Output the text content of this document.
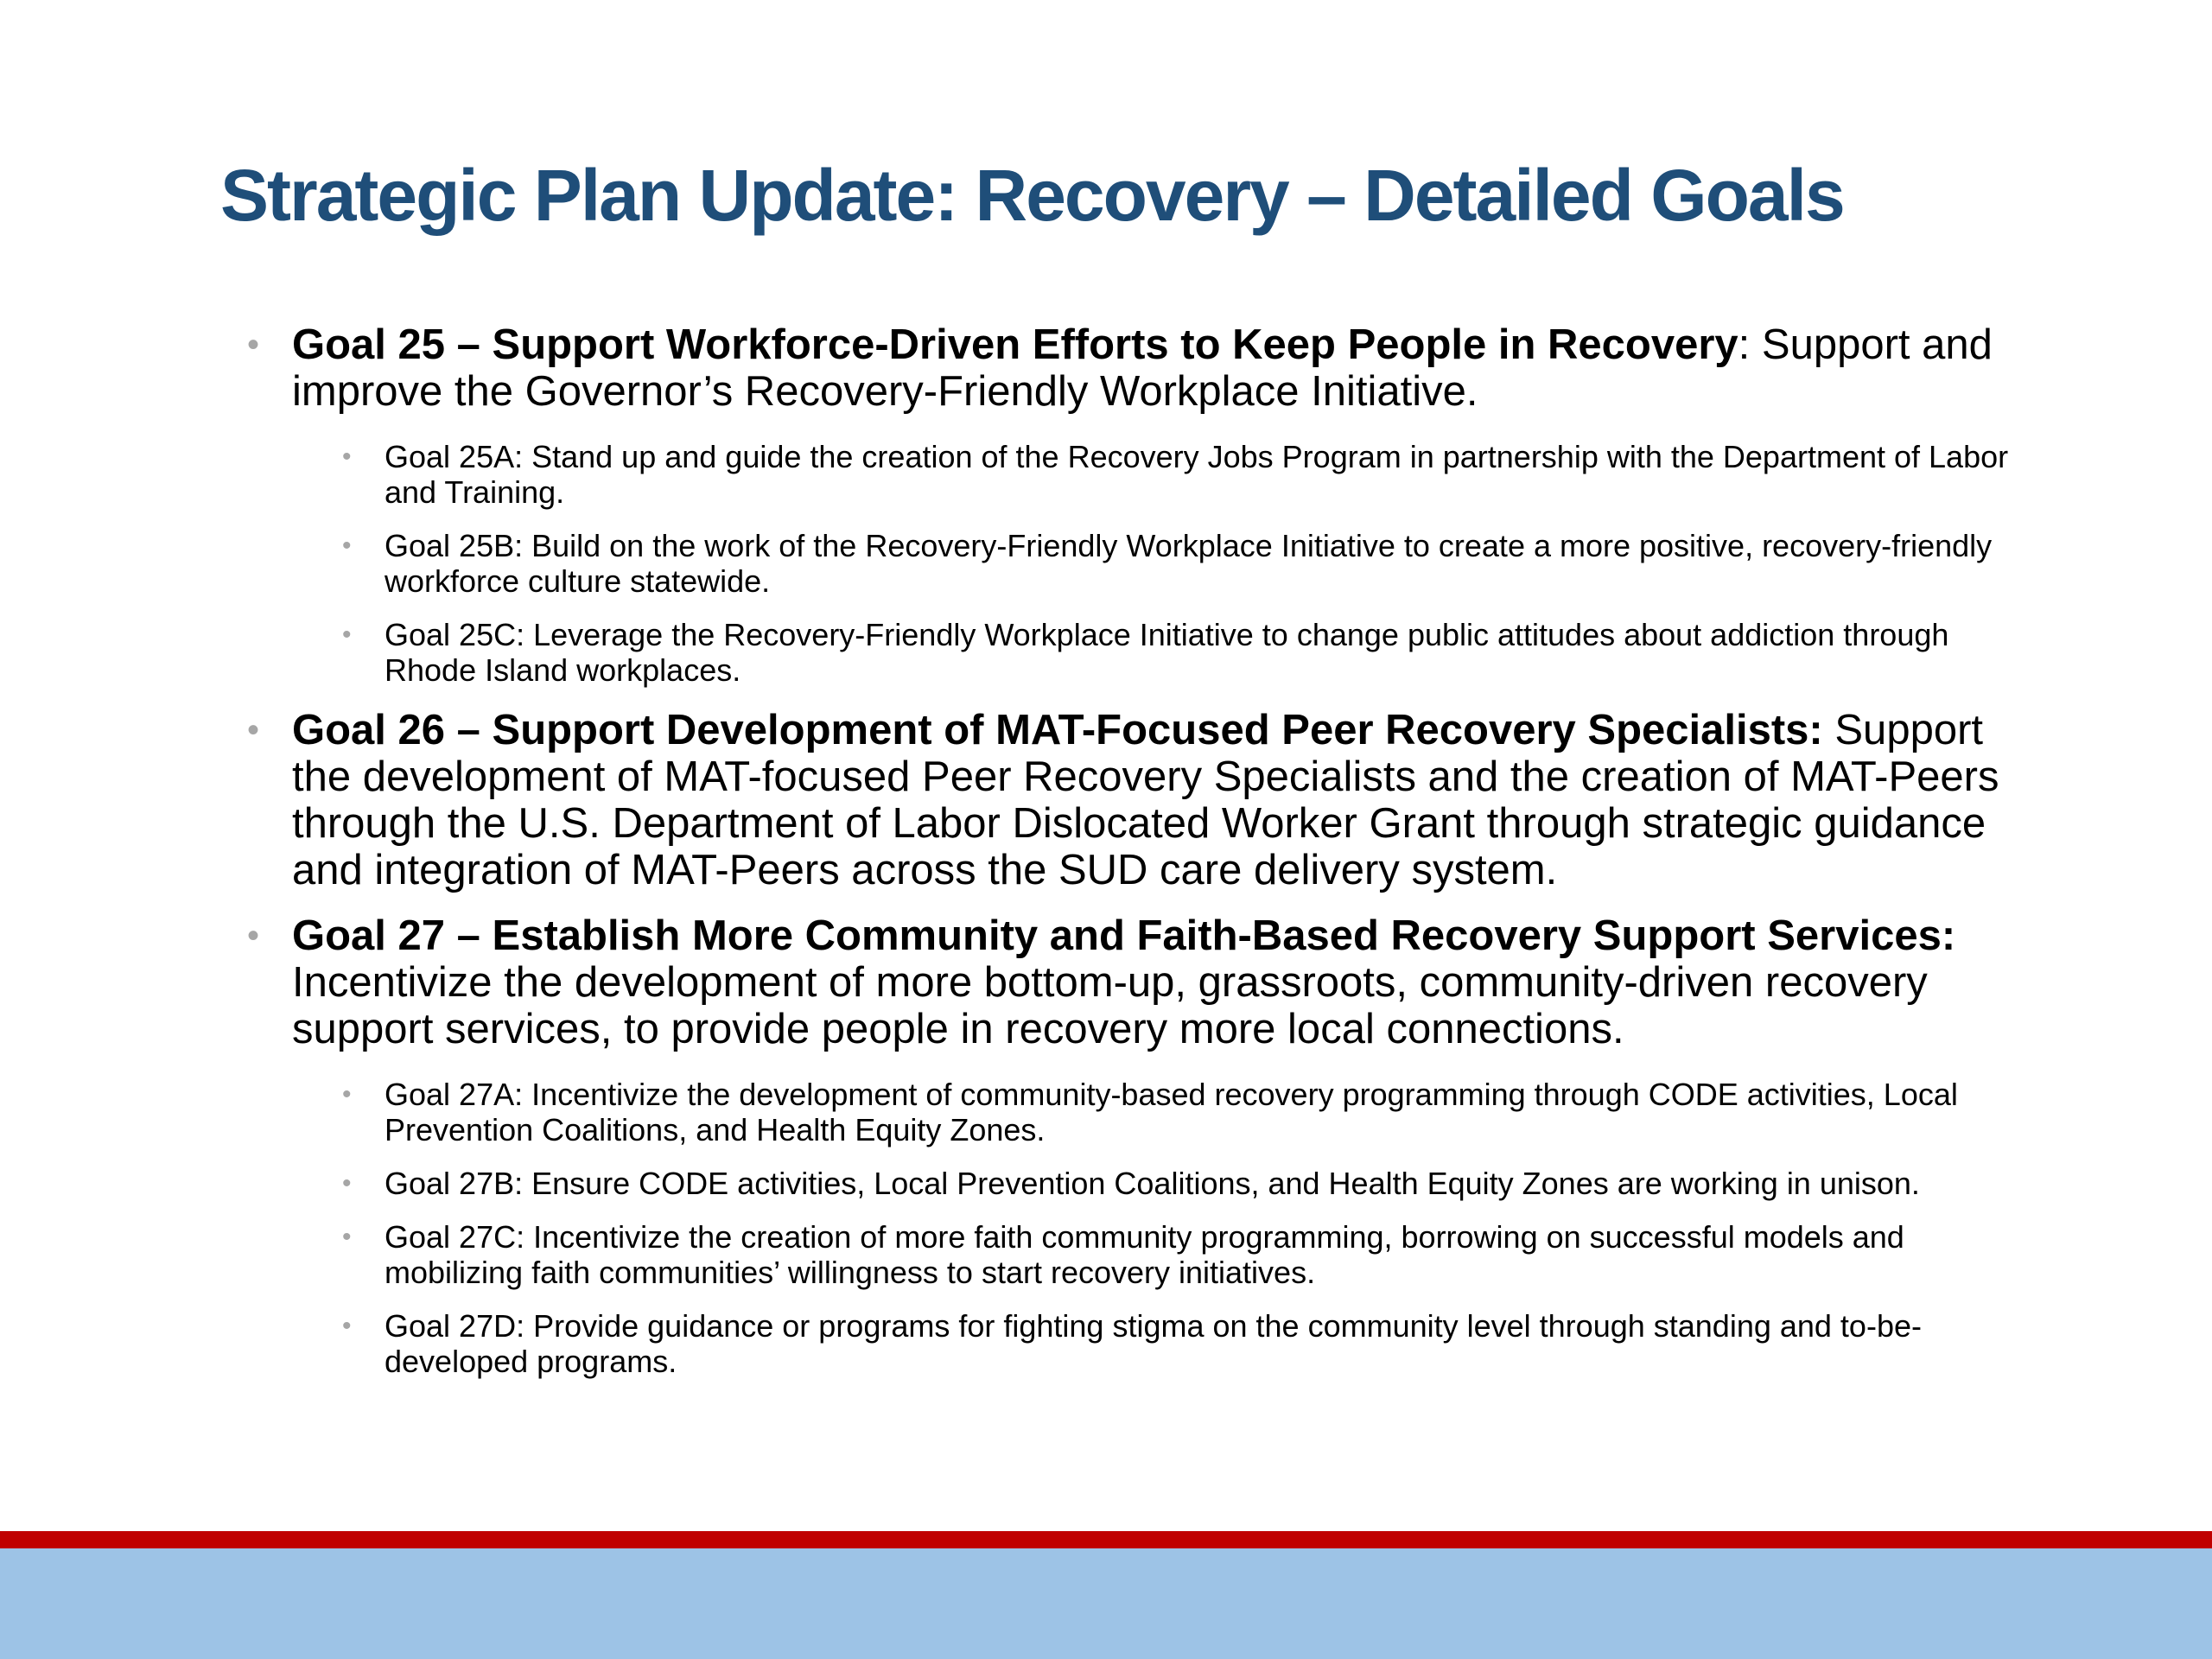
Strategic Plan Update: Recovery – Detailed Goals
• Goal 25 – Support Workforce-Driven Efforts to Keep People in Recovery: Support and improve the Governor’s Recovery-Friendly Workplace Initiative.
• Goal 25A: Stand up and guide the creation of the Recovery Jobs Program in partnership with the Department of Labor and Training.
• Goal 25B: Build on the work of the Recovery-Friendly Workplace Initiative to create a more positive, recovery-friendly workforce culture statewide.
• Goal 25C: Leverage the Recovery-Friendly Workplace Initiative to change public attitudes about addiction through Rhode Island workplaces.
• Goal 26 – Support Development of MAT-Focused Peer Recovery Specialists: Support the development of MAT-focused Peer Recovery Specialists and the creation of MAT-Peers through the U.S. Department of Labor Dislocated Worker Grant through strategic guidance and integration of MAT-Peers across the SUD care delivery system.
• Goal 27 – Establish More Community and Faith-Based Recovery Support Services: Incentivize the development of more bottom-up, grassroots, community-driven recovery support services, to provide people in recovery more local connections.
• Goal 27A: Incentivize the development of community-based recovery programming through CODE activities, Local Prevention Coalitions, and Health Equity Zones.
• Goal 27B: Ensure CODE activities, Local Prevention Coalitions, and Health Equity Zones are working in unison.
• Goal 27C: Incentivize the creation of more faith community programming, borrowing on successful models and mobilizing faith communities’ willingness to start recovery initiatives.
• Goal 27D: Provide guidance or programs for fighting stigma on the community level through standing and to-be-developed programs.
